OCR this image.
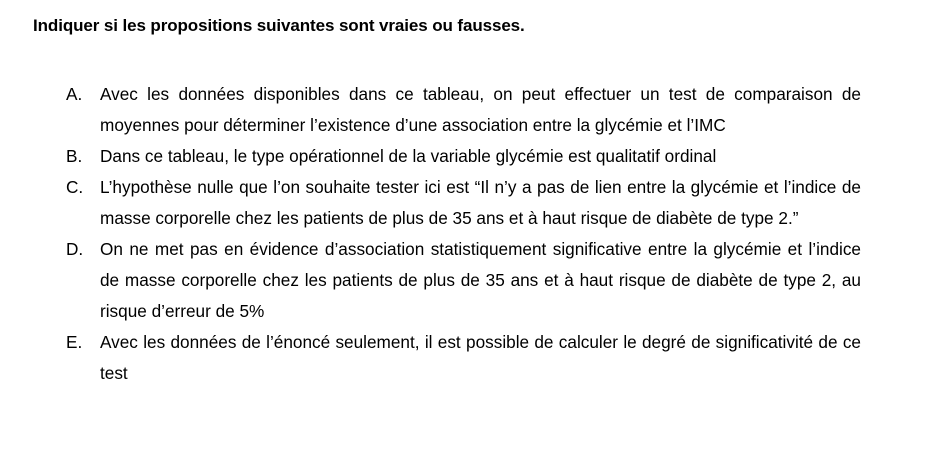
Indiquer si les propositions suivantes sont vraies ou fausses.
A.	Avec les données disponibles dans ce tableau, on peut effectuer un test de comparaison de moyennes pour déterminer l’existence d’une association entre la glycémie et l’IMC
B.	Dans ce tableau, le type opérationnel de la variable glycémie est qualitatif ordinal
C. L’hypothèse nulle que l’on souhaite tester ici est “Il n’y a pas de lien entre la glycémie et l’indice de masse corporelle chez les patients de plus de 35 ans et à haut risque de diabète de type 2.”
D. On ne met pas en évidence d’association statistiquement significative entre la glycémie et l’indice de masse corporelle chez les patients de plus de 35 ans et à haut risque de diabète de type 2, au risque d’erreur de 5%
E.	Avec les données de l’énoncé seulement, il est possible de calculer le degré de significativité de ce test
